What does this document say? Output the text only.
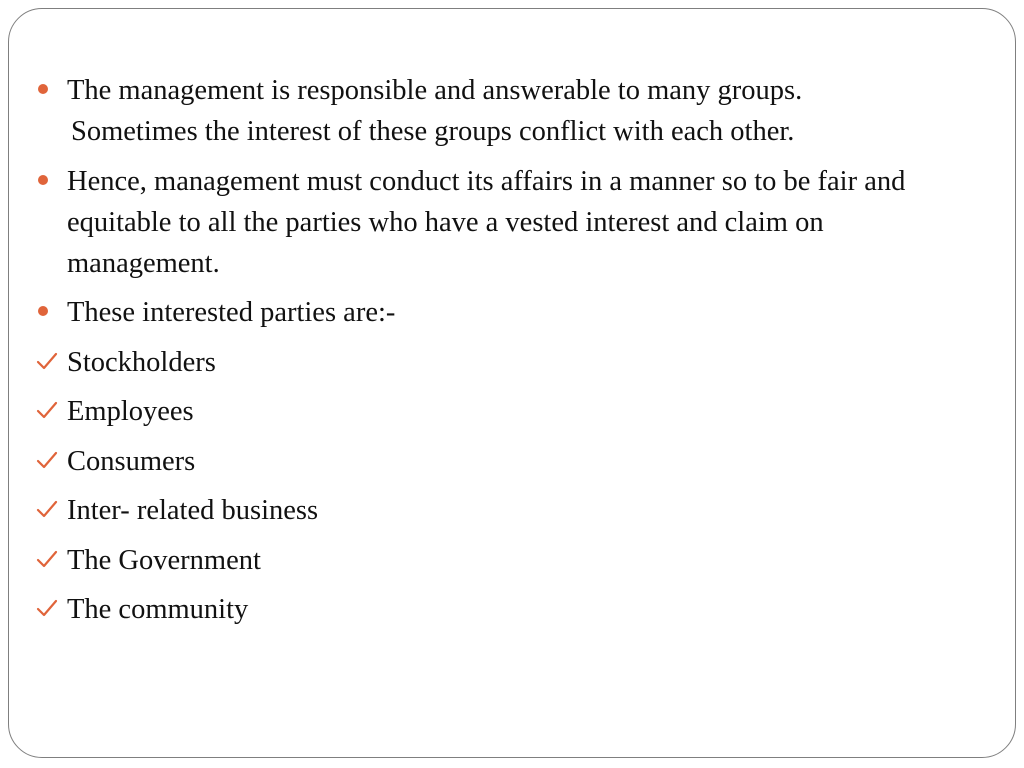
The management is responsible and answerable to many groups.
Sometimes the interest of these groups conflict with each other.
Hence, management must conduct its affairs in a manner so to be fair and equitable to all the parties who have a vested interest and claim on management.
These interested parties are:-
Stockholders
Employees
Consumers
Inter- related business
The Government
The community
